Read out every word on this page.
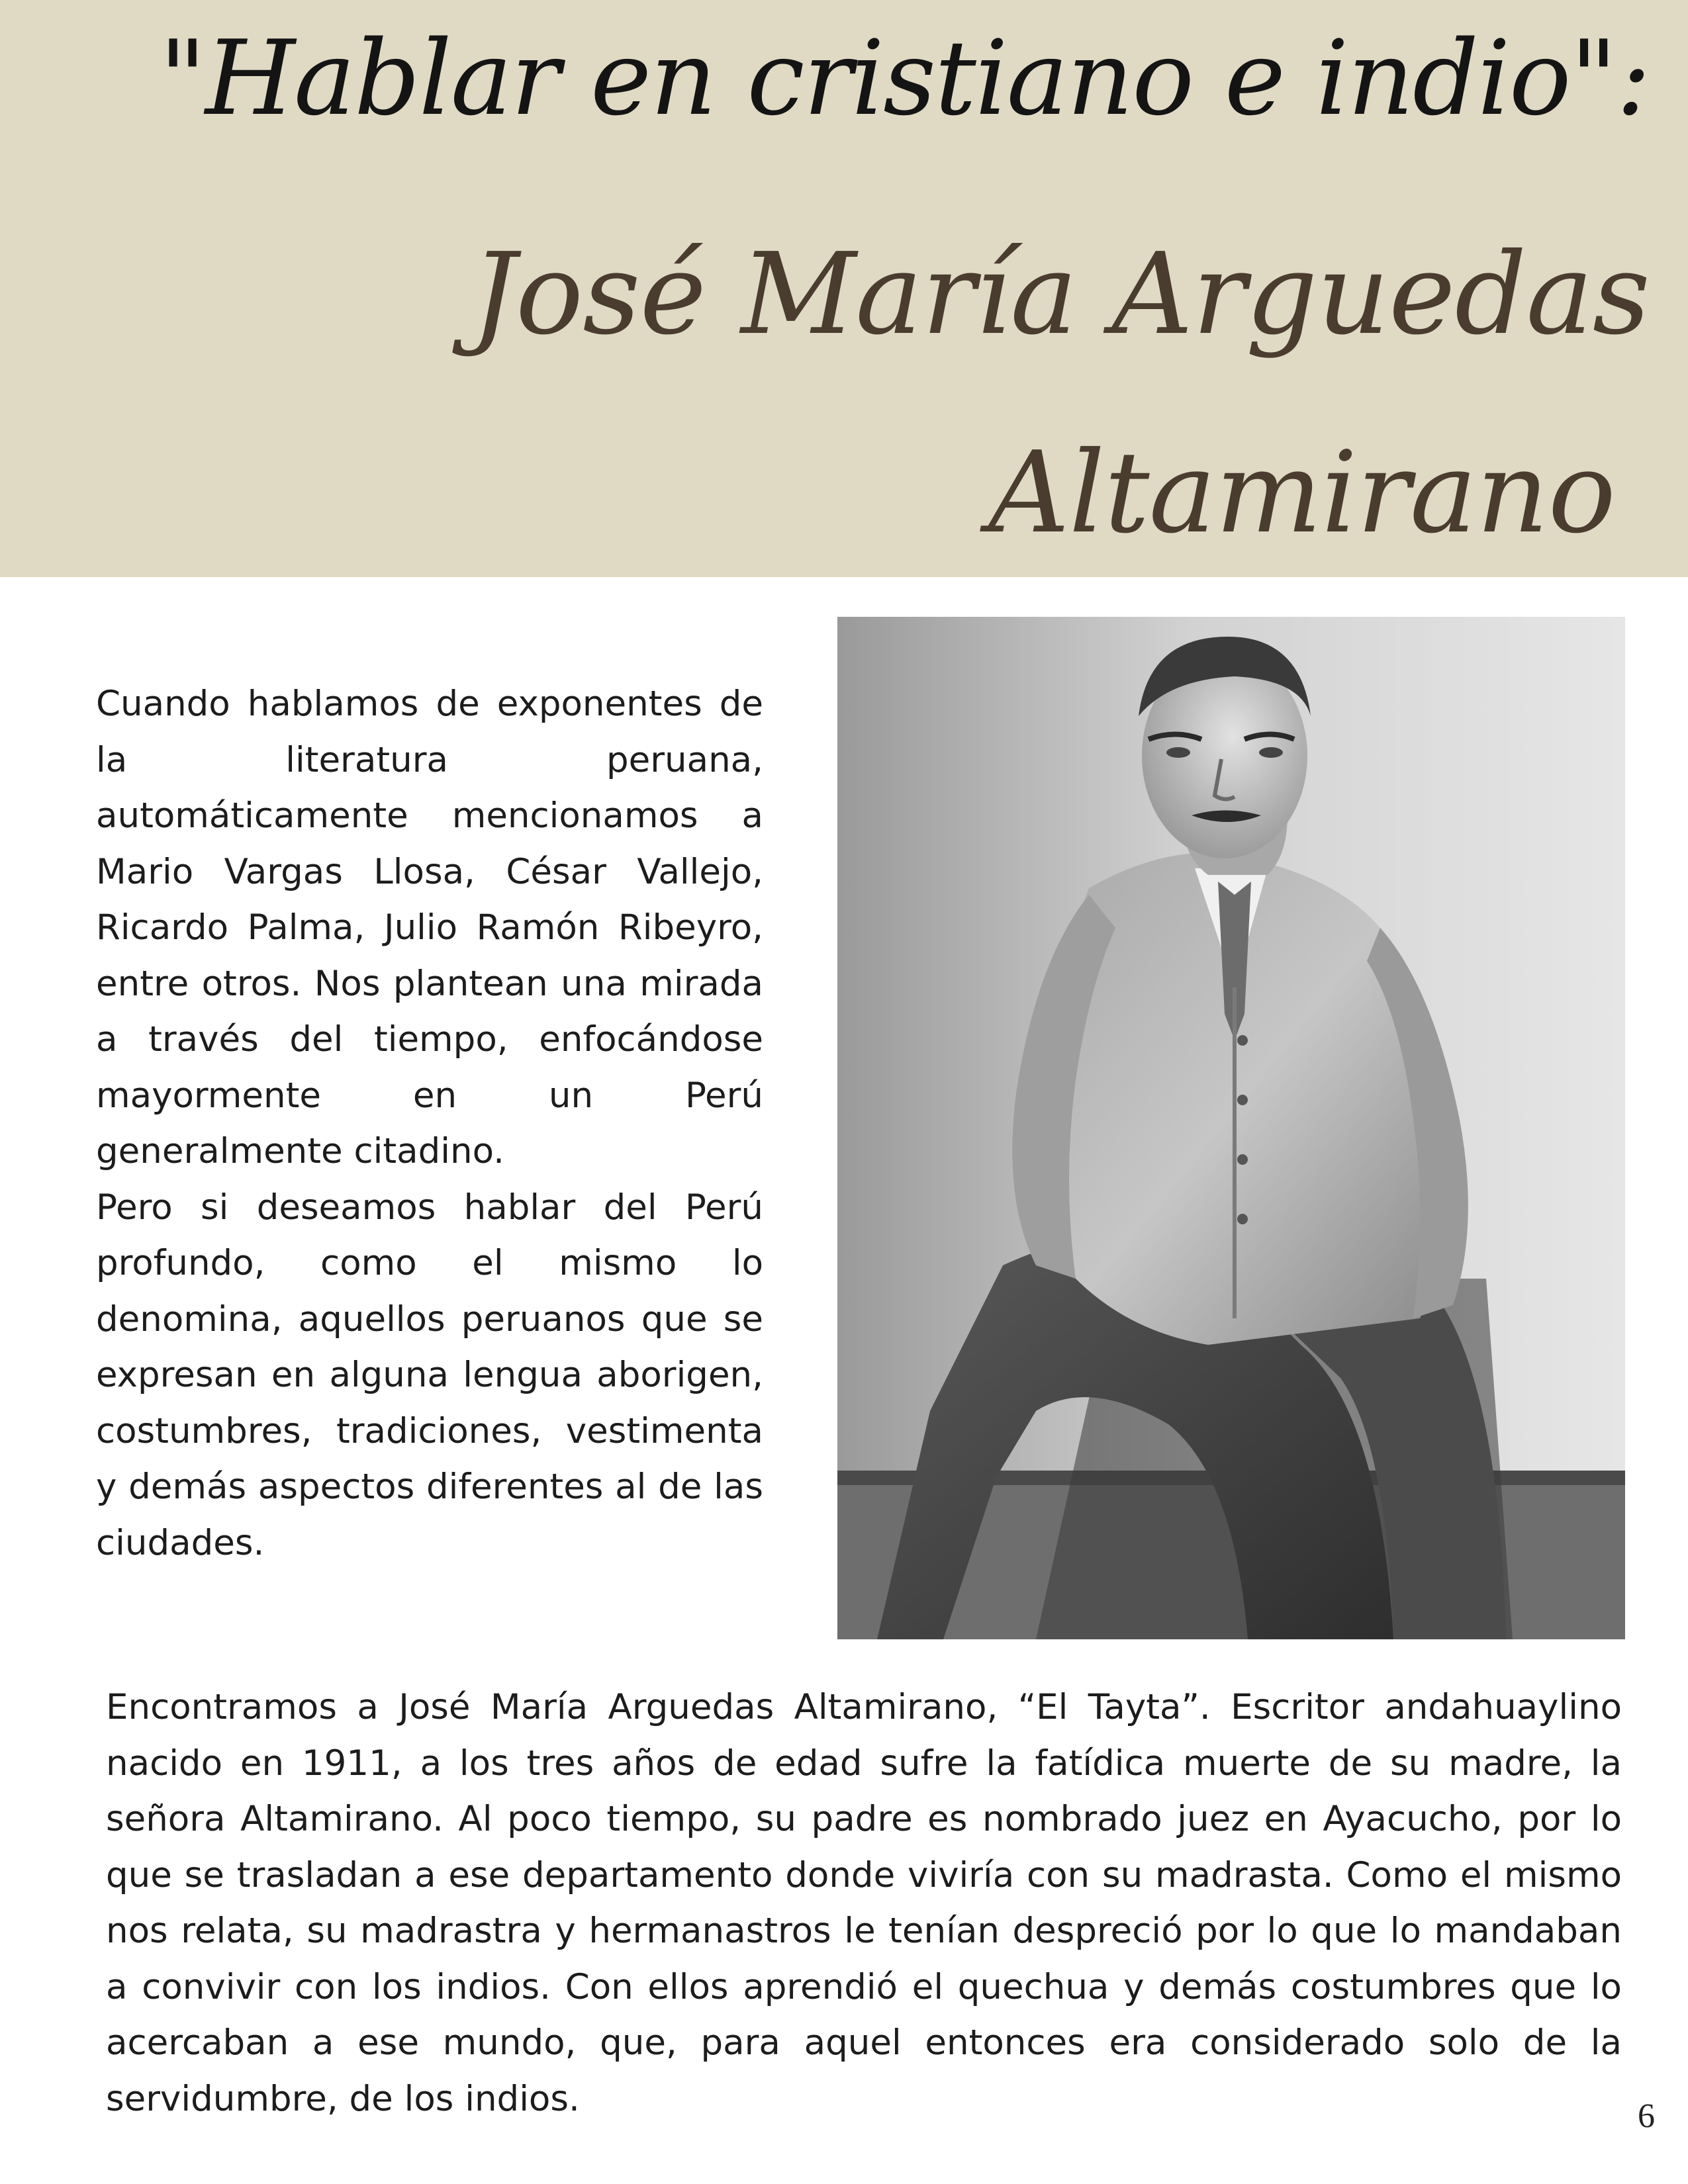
"Hablar en cristiano e indio":
José María Arguedas
Altamirano

Cuando hablamos de exponentes de la literatura peruana, automáticamente mencionamos a Mario Vargas Llosa, César Vallejo, Ricardo Palma, Julio Ramón Ribeyro, entre otros. Nos plantean una mirada a través del tiempo, enfocándose mayormente en un Perú generalmente citadino.

Pero si deseamos hablar del Perú profundo, como el mismo lo denomina, aquellos peruanos que se expresan en alguna lengua aborigen, costumbres, tradiciones, vestimenta y demás aspectos diferentes al de las ciudades.

Encontramos a José María Arguedas Altamirano, “El Tayta”. Escritor andahuaylino nacido en 1911, a los tres años de edad sufre la fatídica muerte de su madre, la señora Altamirano. Al poco tiempo, su padre es nombrado juez en Ayacucho, por lo que se trasladan a ese departamento donde viviría con su madrasta. Como el mismo nos relata, su madrastra y hermanastros le tenían despreció por lo que lo mandaban a convivir con los indios. Con ellos aprendió el quechua y demás costumbres que lo acercaban a ese mundo, que, para aquel entonces era considerado solo de la servidumbre, de los indios.	6
